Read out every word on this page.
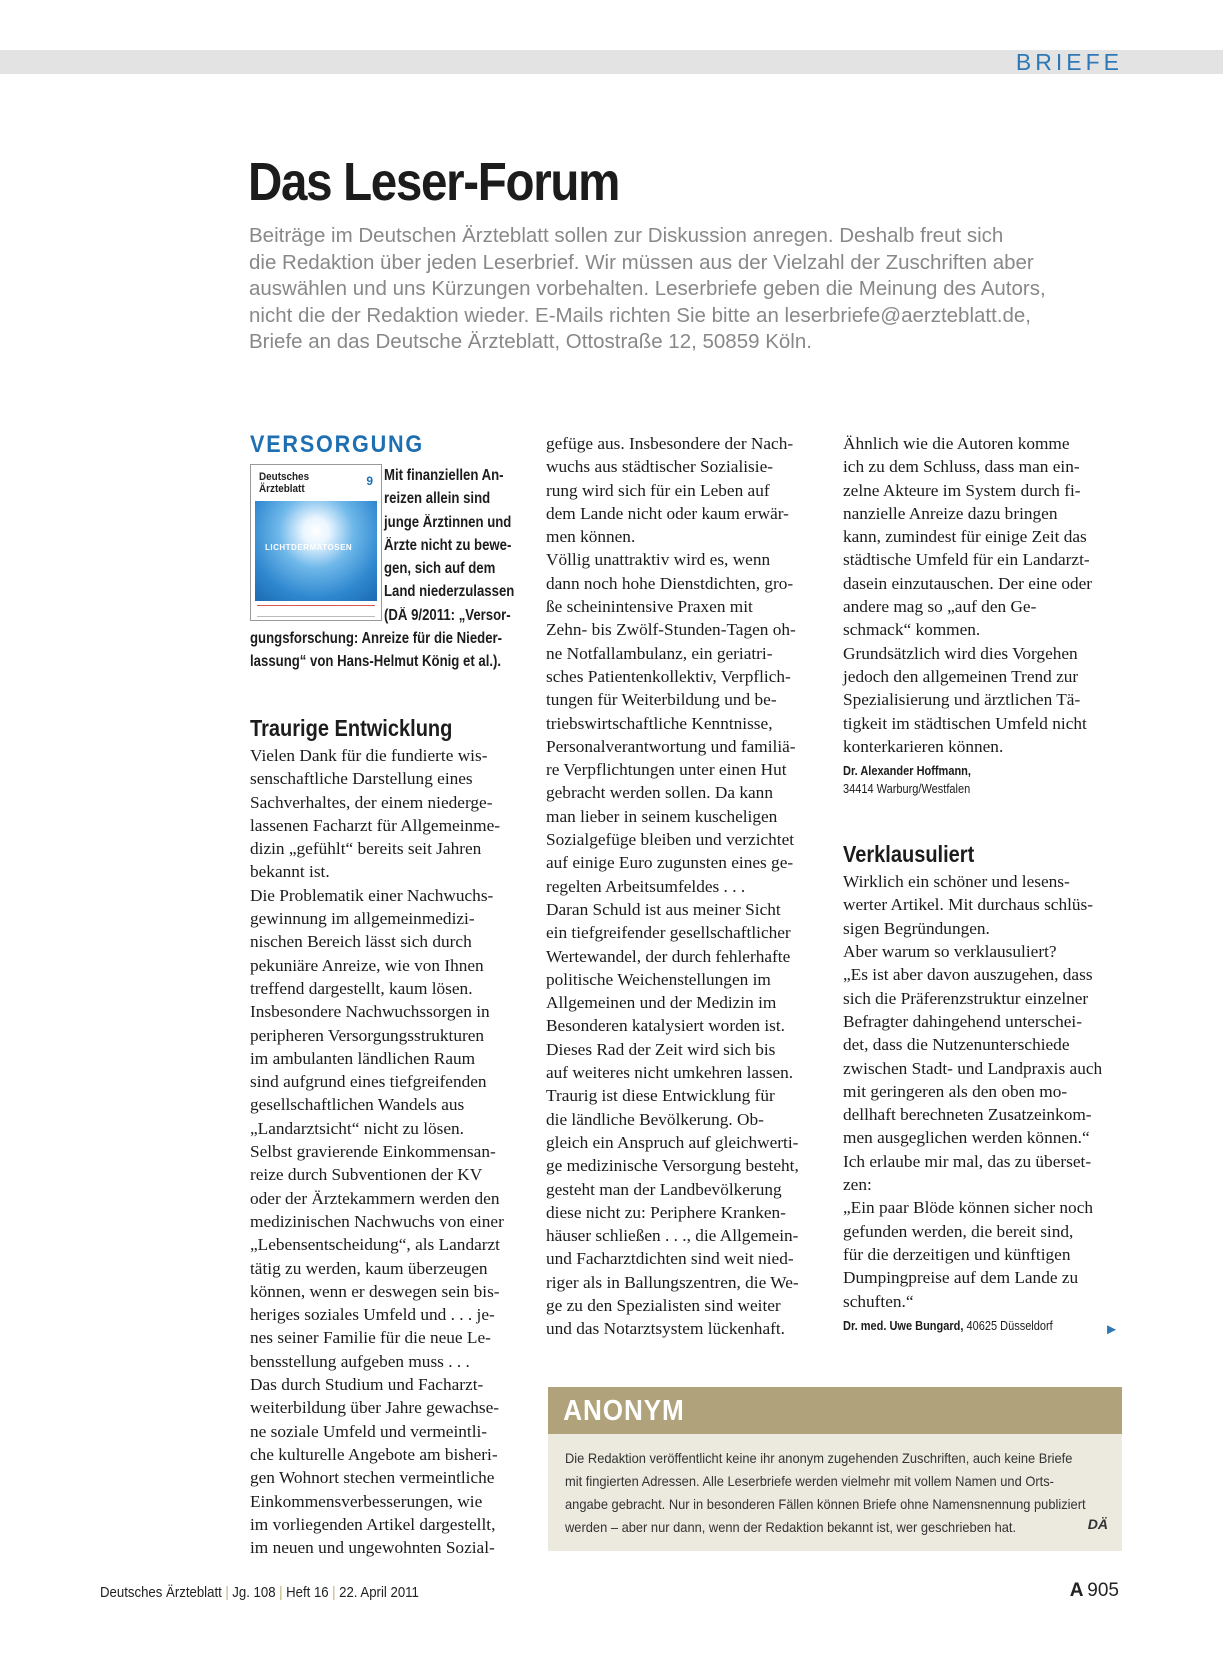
BRIEFE
Das Leser-Forum

Beiträge im Deutschen Ärzteblatt sollen zur Diskussion anregen. Deshalb freut sich
die Redaktion über jeden Leserbrief. Wir müssen aus der Vielzahl der Zuschriften aber
auswählen und uns Kürzungen vorbehalten. Leserbriefe geben die Meinung des Autors,
nicht die der Redaktion wieder. E-Mails richten Sie bitte an leserbriefe@aerzteblatt.de,
Briefe an das Deutsche Ärzteblatt, Ottostraße 12, 50859 Köln.

VERSORGUNG
Deutsches
Ärzteblatt
9
LICHTDERMATOSEN

Mit finanziellen An-
reizen allein sind
junge Ärztinnen und
Ärzte nicht zu bewe-
gen, sich auf dem
Land niederzulassen
(DÄ 9/2011: „Versor-

gungsforschung: Anreize für die Nieder-
lassung“ von Hans-Helmut König et al.).

Traurige Entwicklung

Vielen Dank für die fundierte wis-
senschaftliche Darstellung eines
Sachverhaltes, der einem niederge-
lassenen Facharzt für Allgemeinme-
dizin „gefühlt“ bereits seit Jahren
bekannt ist.
Die Problematik einer Nachwuchs-
gewinnung im allgemeinmedizi-
nischen Bereich lässt sich durch
pekuniäre Anreize, wie von Ihnen
treffend dargestellt, kaum lösen.
Insbesondere Nachwuchssorgen in
peripheren Versorgungsstrukturen
im ambulanten ländlichen Raum
sind aufgrund eines tiefgreifenden
gesellschaftlichen Wandels aus
„Landarztsicht“ nicht zu lösen.
Selbst gravierende Einkommensan-
reize durch Subventionen der KV
oder der Ärztekammern werden den
medizinischen Nachwuchs von einer
„Lebensentscheidung“, als Landarzt
tätig zu werden, kaum überzeugen
können, wenn er deswegen sein bis-
heriges soziales Umfeld und . . . je-
nes seiner Familie für die neue Le-
bensstellung aufgeben muss . . .
Das durch Studium und Facharzt-
weiterbildung über Jahre gewachse-
ne soziale Umfeld und vermeintli-
che kulturelle Angebote am bisheri-
gen Wohnort stechen vermeintliche
Einkommensverbesserungen, wie
im vorliegenden Artikel dargestellt,
im neuen und ungewohnten Sozial-

gefüge aus. Insbesondere der Nach-
wuchs aus städtischer Sozialisie-
rung wird sich für ein Leben auf
dem Lande nicht oder kaum erwär-
men können.
Völlig unattraktiv wird es, wenn
dann noch hohe Dienstdichten, gro-
ße scheinintensive Praxen mit
Zehn- bis Zwölf-Stunden-Tagen oh-
ne Notfallambulanz, ein geriatri-
sches Patientenkollektiv, Verpflich-
tungen für Weiterbildung und be-
triebswirtschaftliche Kenntnisse,
Personalverantwortung und familiä-
re Verpflichtungen unter einen Hut
gebracht werden sollen. Da kann
man lieber in seinem kuscheligen
Sozialgefüge bleiben und verzichtet
auf einige Euro zugunsten eines ge-
regelten Arbeitsumfeldes . . .
Daran Schuld ist aus meiner Sicht
ein tiefgreifender gesellschaftlicher
Wertewandel, der durch fehlerhafte
politische Weichenstellungen im
Allgemeinen und der Medizin im
Besonderen katalysiert worden ist.
Dieses Rad der Zeit wird sich bis
auf weiteres nicht umkehren lassen.
Traurig ist diese Entwicklung für
die ländliche Bevölkerung. Ob-
gleich ein Anspruch auf gleichwerti-
ge medizinische Versorgung besteht,
gesteht man der Landbevölkerung
diese nicht zu: Periphere Kranken-
häuser schließen . . ., die Allgemein-
und Facharztdichten sind weit nied-
riger als in Ballungszentren, die We-
ge zu den Spezialisten sind weiter
und das Notarztsystem lückenhaft.

Ähnlich wie die Autoren komme
ich zu dem Schluss, dass man ein-
zelne Akteure im System durch fi-
nanzielle Anreize dazu bringen
kann, zumindest für einige Zeit das
städtische Umfeld für ein Landarzt-
dasein einzutauschen. Der eine oder
andere mag so „auf den Ge-
schmack“ kommen.
Grundsätzlich wird dies Vorgehen
jedoch den allgemeinen Trend zur
Spezialisierung und ärztlichen Tä-
tigkeit im städtischen Umfeld nicht
konterkarieren können.

Dr. Alexander Hoffmann,
34414 Warburg/Westfalen
Verklausuliert

Wirklich ein schöner und lesens-
werter Artikel. Mit durchaus schlüs-
sigen Begründungen.
Aber warum so verklausuliert?
„Es ist aber davon auszugehen, dass
sich die Präferenzstruktur einzelner
Befragter dahingehend unterschei-
det, dass die Nutzenunterschiede
zwischen Stadt- und Landpraxis auch
mit geringeren als den oben mo-
dellhaft berechneten Zusatzeinkom-
men ausgeglichen werden können.“
Ich erlaube mir mal, das zu überset-
zen:
„Ein paar Blöde können sicher noch
gefunden werden, die bereit sind,
für die derzeitigen und künftigen
Dumpingpreise auf dem Lande zu
schuften.“

Dr. med. Uwe Bungard, 40625 Düsseldorf	►
ANONYM

Die Redaktion veröffentlicht keine ihr anonym zugehenden Zuschriften, auch keine Briefe
mit fingierten Adressen. Alle Leserbriefe werden vielmehr mit vollem Namen und Orts-
angabe gebracht. Nur in besonderen Fällen können Briefe ohne Namensnennung publiziert
werden – aber nur dann, wenn der Redaktion bekannt ist, wer geschrieben hat.	DÄ
Deutsches Ärzteblatt | Jg. 108 | Heft 16 | 22. April 2011	A  905
